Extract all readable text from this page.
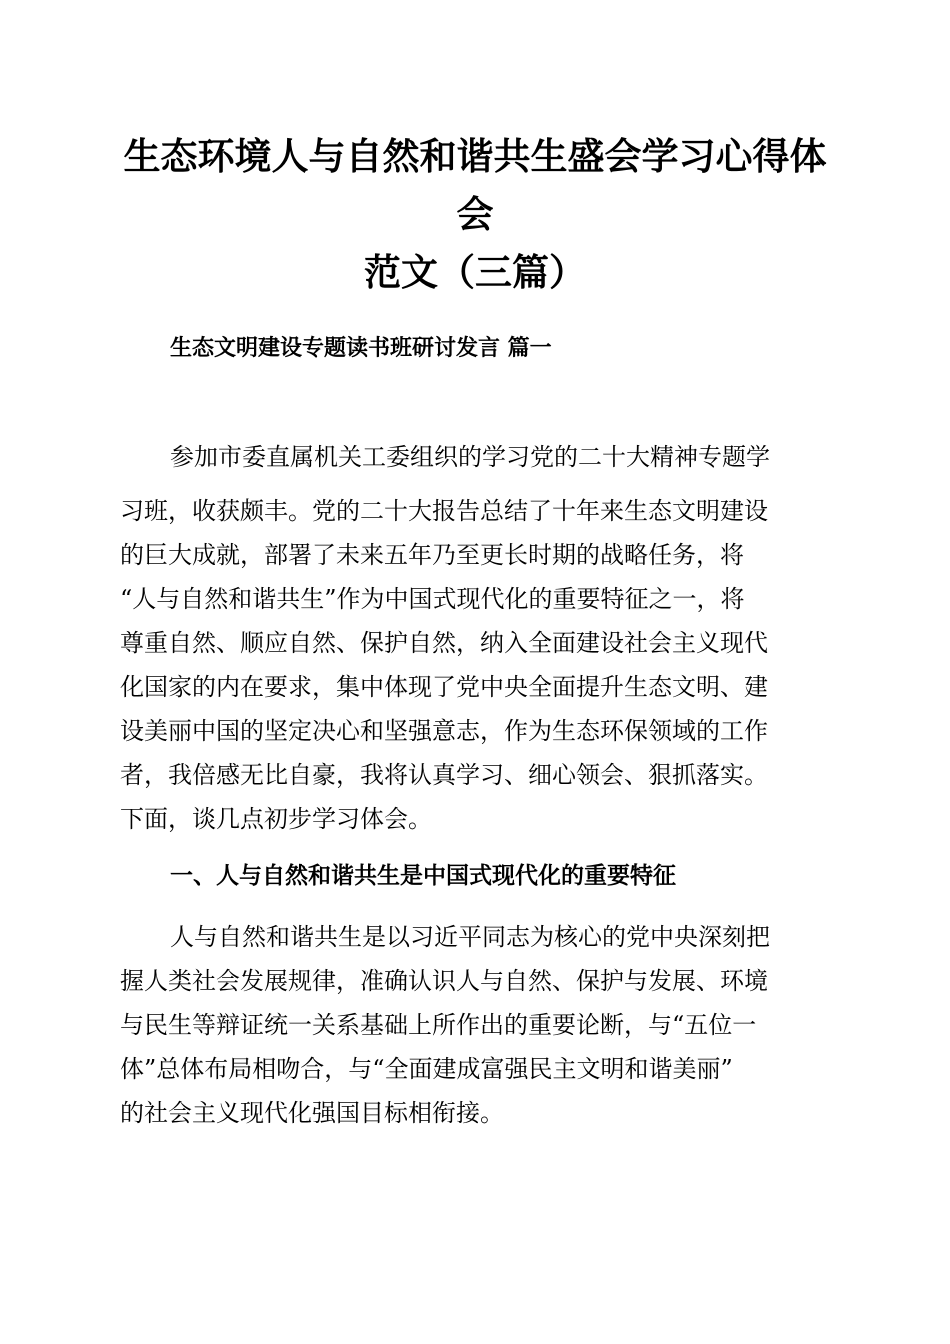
生态环境人与自然和谐共生盛会学习心得体会
范文（三篇）

生态文明建设专题读书班研讨发言 篇一

参加市委直属机关工委组织的学习党的二十大精神专题学

习班，收获颇丰。党的二十大报告总结了十年来生态文明建设

的巨大成就，部署了未来五年乃至更长时期的战略任务，将

“人与自然和谐共生”作为中国式现代化的重要特征之一，将

尊重自然、顺应自然、保护自然，纳入全面建设社会主义现代

化国家的内在要求，集中体现了党中央全面提升生态文明、建

设美丽中国的坚定决心和坚强意志，作为生态环保领域的工作

者，我倍感无比自豪，我将认真学习、细心领会、狠抓落实。

下面，谈几点初步学习体会。

一、人与自然和谐共生是中国式现代化的重要特征

人与自然和谐共生是以习近平同志为核心的党中央深刻把

握人类社会发展规律，准确认识人与自然、保护与发展、环境

与民生等辩证统一关系基础上所作出的重要论断，与“五位一

体”总体布局相吻合，与“全面建成富强民主文明和谐美丽”

的社会主义现代化强国目标相衔接。
